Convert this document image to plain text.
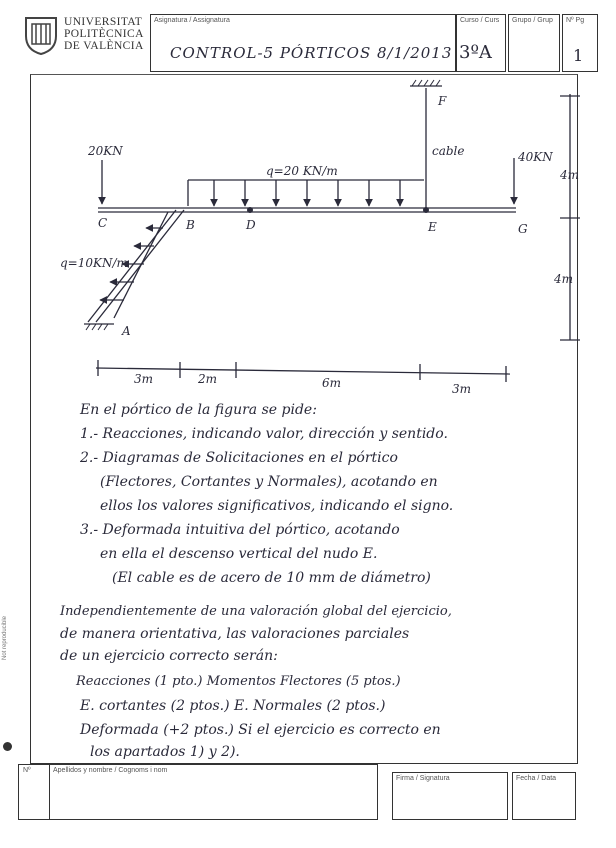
UNIVERSITAT
POLITÈCNICA
DE VALÈNCIA
Asignatura / Assignatura	Curso / Curs Grupo / Grup Nº Pg
CONTROL-5 PÓRTICOS 8/1/2013 3ºA	1
20KN
q=20 KN/m
40KN
q=10KN/m
cable
C	B	D	E	G
A
F
4m
4m
3m	2m	6m	3m
En el pórtico de la figura se pide:
1.- Reacciones, indicando valor, dirección y sentido.
2.- Diagramas de Solicitaciones en el pórtico
(Flectores, Cortantes y Normales), acotando en
ellos los valores significativos, indicando el signo.
3.- Deformada intuitiva del pórtico, acotando
en ella el descenso vertical del nudo E.
(El cable es de acero de 10 mm de diámetro)
Independientemente de una valoración global del ejercicio,
de manera orientativa, las valoraciones parciales
de un ejercicio correcto serán:
Reacciones (1 pto.) Momentos Flectores (5 ptos.)
E. cortantes (2 ptos.) E. Normales (2 ptos.)
Deformada (+2 ptos.) Si el ejercicio es correcto en
los apartados 1) y 2).
Nº	Apellidos y nombre / Cognoms i nom
Firma / Signatura	Fecha / Data
Not reproducible
